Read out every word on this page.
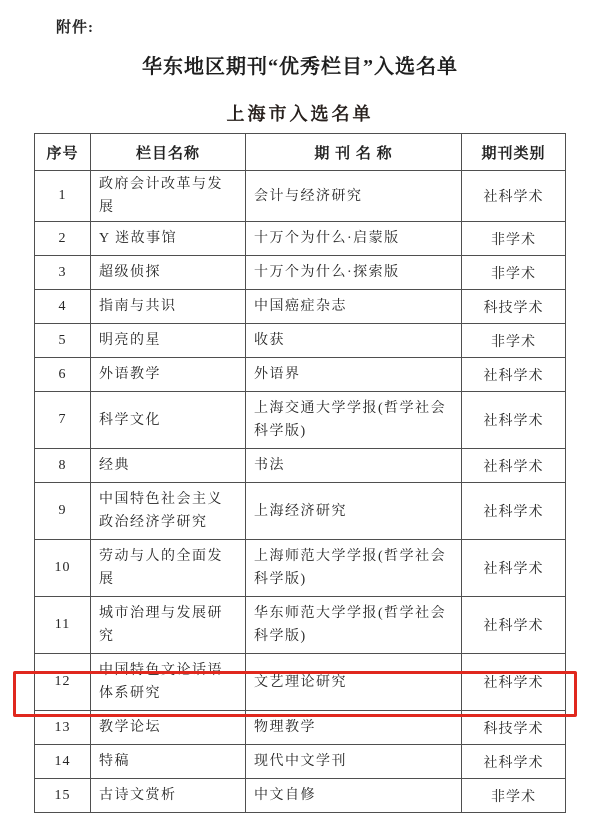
附件:
华东地区期刊“优秀栏目”入选名单
上海市入选名单
序号	栏目名称	期 刊 名 称	期刊类别
1	政府会计改革与发展	会计与经济研究	社科学术
2	Y 迷故事馆	十万个为什么·启蒙版	非学术
3	超级侦探	十万个为什么·探索版	非学术
4	指南与共识	中国癌症杂志	科技学术
5	明亮的星	收获	非学术
6	外语教学	外语界	社科学术
7	科学文化	上海交通大学学报(哲学社会科学版)	社科学术
8	经典	书法	社科学术
9	中国特色社会主义政治经济学研究	上海经济研究	社科学术
10	劳动与人的全面发展	上海师范大学学报(哲学社会科学版)	社科学术
11	城市治理与发展研究	华东师范大学学报(哲学社会科学版)	社科学术
12	中国特色文论话语体系研究	文艺理论研究	社科学术
13	教学论坛	物理教学	科技学术
14	特稿	现代中文学刊	社科学术
15	古诗文赏析	中文自修	非学术
